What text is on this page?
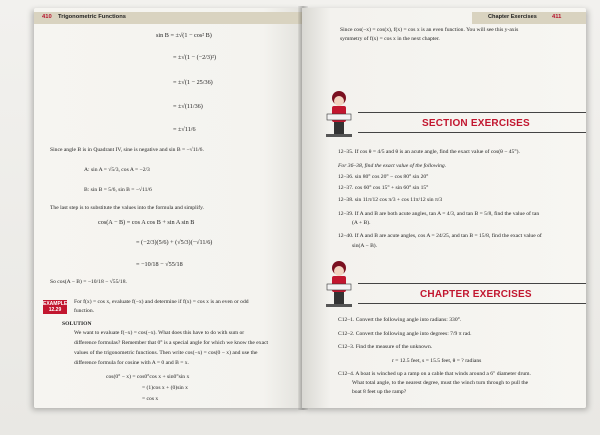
410 Trigonometric Functions
sin B = ±√(1 − cos² B)
= ±√(1 − (−2/3)²)
= ±√(1 − 25/36)
= ±√(11/36)
= ±√11/6
Since angle B is in Quadrant IV, sine is negative and sin B = −√11/6.
A: sin A = √5/3, cos A = −2/3
B: sin B = 5/6, sin B = −√11/6
The last step is to substitute the values into the formula and simplify.
cos(A − B) = cos A cos B + sin A sin B
= (−2/3)(5/6) + (√5/3)(−√11/6)
= −10/18 − √55/18
So cos(A − B) = −10/18 − √55/18.
EXAMPLE
12.29
For f(x) = cos x, evaluate f(−x) and determine if f(x) = cos x is an even or odd
function.
SOLUTION
We want to evaluate f(−x) = cos(−x). What does this have to do with sum or
difference formulas? Remember that 0° is a special angle for which we know the exact
values of the trigonometric functions. Then write cos(−x) = cos(0 − x) and use the
difference formula for cosine with A = 0 and B = x.
cos(0° − x) = cos0°cos x + sin0°sin x
= (1)cos x + (0)sin x
= cos x
Chapter Exercises	411
Since cos(−x) = cos(x), f(x) = cos x is an even function. You will see this y-axis
symmetry of f(x) = cos x in the next chapter.
SECTION EXERCISES
12–35. If cos θ = 4/5 and θ is an acute angle, find the exact value of cos(θ − 45°).
For 36–38, find the exact value of the following.
12–36. sin 80° cos 20° − cos 80° sin 20°
12–37. cos 60° cos 15° + sin 60° sin 15°
12–38. sin 11π/12 cos π/3 + cos 11π/12 sin π/3
12–39. If A and B are both acute angles, tan A = 4/3, and tan B = 5/8, find the value of tan
(A + B).
12–40. If A and B are acute angles, cos A = 24/25, and tan B = 15/8, find the exact value of
sin(A − B).
CHAPTER EXERCISES
C12–1. Convert the following angle into radians: 330°.
C12–2. Convert the following angle into degrees: 7/9 π rad.
C12–3. Find the measure of the unknown.
r = 12.5 feet, s = 15.5 feet, θ = ? radians
C12–4. A boat is winched up a ramp on a cable that winds around a 6" diameter drum.
What total angle, to the nearest degree, must the winch turn through to pull the
boat 8 feet up the ramp?
